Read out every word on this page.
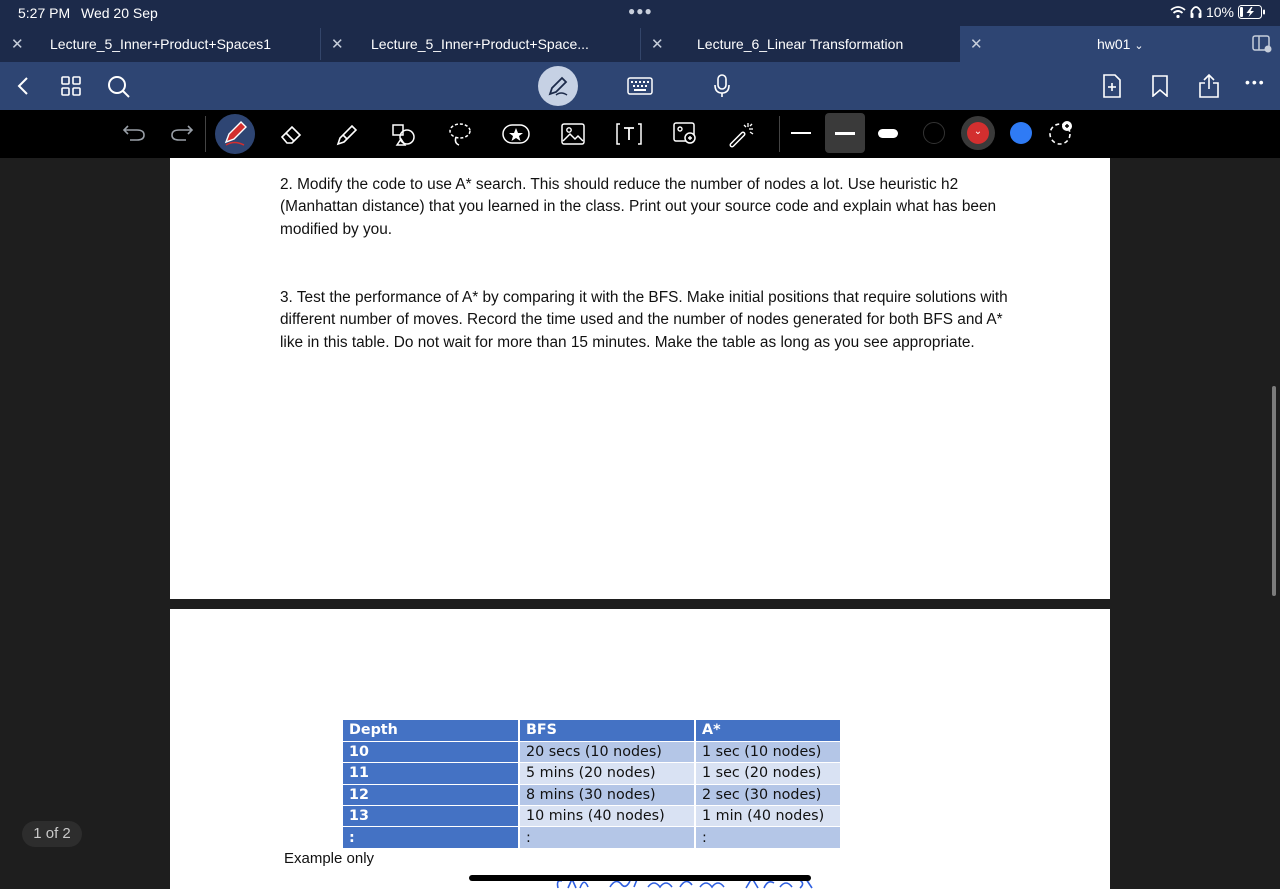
5:27 PM Wed 20 Sep	●●●	10%
✕ Lecture_5_Inner+Product+Spaces1	✕ Lecture_5_Inner+Product+Space...	✕ Lecture_6_Linear Transformation	✕	hw01 ⌄
•••
⌄

2. Modify the code to use A* search. This should reduce the number of nodes a lot. Use heuristic h2 (Manhattan distance) that you learned in the class. Print out your source code and explain what has been modified by you.

3. Test the performance of A* by comparing it with the BFS. Make initial positions that require solutions with different number of moves. Record the time used and the number of nodes generated for both BFS and A* like in this table. Do not wait for more than 15 minutes. Make the table as long as you see appropriate.

Depth	BFS	A*
10	20 secs (10 nodes)	1 sec (10 nodes)
11	5 mins (20 nodes)	1 sec (20 nodes)
12	8 mins (30 nodes)	2 sec (30 nodes)
13	10 mins (40 nodes)	1 min (40 nodes)
:	:	:
Example only
1 of 2
